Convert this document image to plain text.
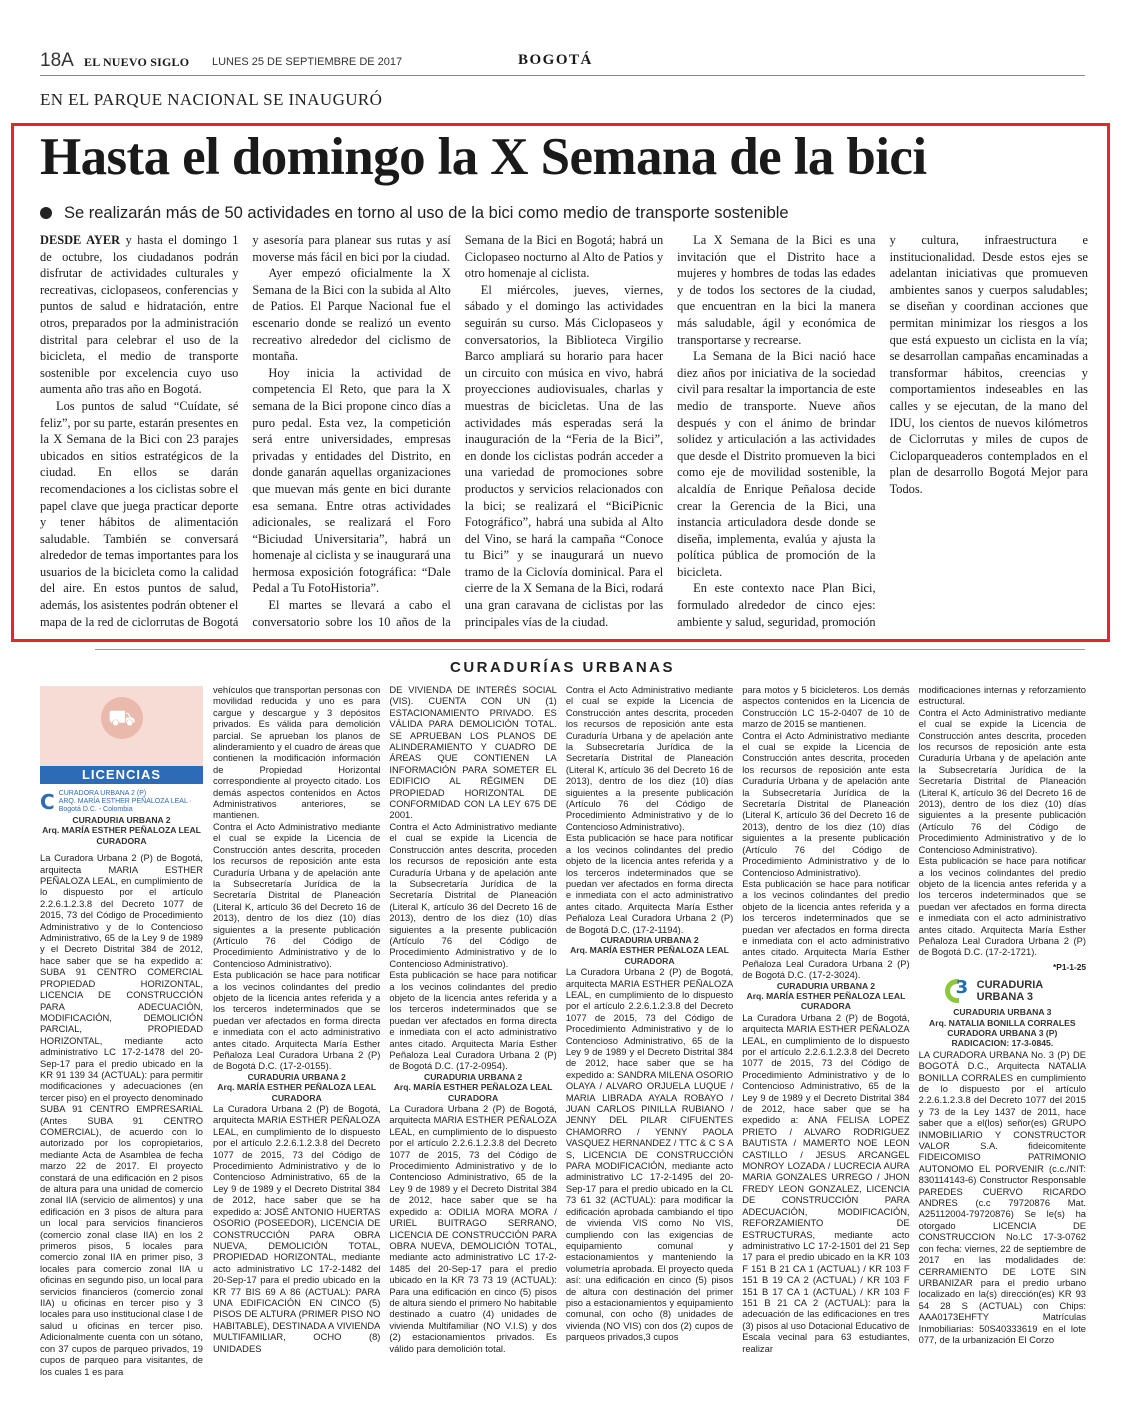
18A EL NUEVO SIGLO LUNES 25 DE SEPTIEMBRE DE 2017	BOGOTÁ
EN EL PARQUE NACIONAL SE INAUGURÓ
Hasta el domingo la X Semana de la bici
Se realizarán más de 50 actividades en torno al uso de la bici como medio de transporte sostenible

DESDE AYER y hasta el domingo 1 de octubre, los ciudadanos podrán disfrutar de actividades culturales y recreativas, ciclopaseos, conferencias y puntos de salud e hidratación, entre otros, preparados por la administración distrital para celebrar el uso de la bicicleta, el medio de transporte sostenible por excelencia cuyo uso aumenta año tras año en Bogotá.

Los puntos de salud “Cuídate, sé feliz”, por su parte, estarán presentes en la X Semana de la Bici con 23 parajes ubicados en sitios estratégicos de la ciudad. En ellos se darán recomendaciones a los ciclistas sobre el papel clave que juega practicar deporte y tener hábitos de alimentación saludable. También se conversará alrededor de temas importantes para los usuarios de la bicicleta como la calidad del aire. En estos puntos de salud, además, los asistentes podrán obtener el mapa de la red de ciclorrutas de Bogotá y asesoría para planear sus rutas y así moverse más fácil en bici por la ciudad.

Ayer empezó oficialmente la X Semana de la Bici con la subida al Alto de Patios. El Parque Nacional fue el escenario donde se realizó un evento recreativo alrededor del ciclismo de montaña.

Hoy inicia la actividad de competencia El Reto, que para la X semana de la Bici propone cinco días a puro pedal. Esta vez, la competición será entre universidades, empresas privadas y entidades del Distrito, en donde ganarán aquellas organizaciones que muevan más gente en bici durante esa semana. Entre otras actividades adicionales, se realizará el Foro “Biciudad Universitaria”, habrá un homenaje al ciclista y se inaugurará una hermosa exposición fotográfica: “Dale Pedal a Tu FotoHistoria”.

El martes se llevará a cabo el conversatorio sobre los 10 años de la Semana de la Bici en Bogotá; habrá un Ciclopaseo nocturno al Alto de Patios y otro homenaje al ciclista.

El miércoles, jueves, viernes, sábado y el domingo las actividades seguirán su curso. Más Ciclopaseos y conversatorios, la Biblioteca Virgilio Barco ampliará su horario para hacer un circuito con música en vivo, habrá proyecciones audiovisuales, charlas y muestras de bicicletas. Una de las actividades más esperadas será la inauguración de la “Feria de la Bici”, en donde los ciclistas podrán acceder a una variedad de promociones sobre productos y servicios relacionados con la bici; se realizará el “BiciPicnic Fotográfico”, habrá una subida al Alto del Vino, se hará la campaña “Conoce tu Bici” y se inaugurará un nuevo tramo de la Ciclovía dominical. Para el cierre de la X Semana de la Bici, rodará una gran caravana de ciclistas por las principales vías de la ciudad.

La X Semana de la Bici es una invitación que el Distrito hace a mujeres y hombres de todas las edades y de todos los sectores de la ciudad, que encuentran en la bici la manera más saludable, ágil y económica de transportarse y recrearse.

La Semana de la Bici nació hace diez años por iniciativa de la sociedad civil para resaltar la importancia de este medio de transporte. Nueve años después y con el ánimo de brindar solidez y articulación a las actividades que desde el Distrito promueven la bici como eje de movilidad sostenible, la alcaldía de Enrique Peñalosa decide crear la Gerencia de la Bici, una instancia articuladora desde donde se diseña, implementa, evalúa y ajusta la política pública de promoción de la bicicleta.

En este contexto nace Plan Bici, formulado alrededor de cinco ejes: ambiente y salud, seguridad, promoción y cultura, infraestructura e institucionalidad. Desde estos ejes se adelantan iniciativas que promueven ambientes sanos y cuerpos saludables; se diseñan y coordinan acciones que permitan minimizar los riesgos a los que está expuesto un ciclista en la vía; se desarrollan campañas encaminadas a transformar hábitos, creencias y comportamientos indeseables en las calles y se ejecutan, de la mano del IDU, los cientos de nuevos kilómetros de Ciclorrutas y miles de cupos de Cicloparqueaderos contemplados en el plan de desarrollo Bogotá Mejor para Todos.

CURADURÍAS URBANAS
⛟
LICENCIAS
C CURADORA URBANA 2 (P)
ARQ. MARÍA ESTHER PEÑALOZA LEAL · Bogotá D.C. - Colombia
CURADURIA URBANA 2
Arq. MARÍA ESTHER PEÑALOZA LEAL
CURADORA

La Curadora Urbana 2 (P) de Bogotá, arquitecta MARIA ESTHER PEÑALOZA LEAL, en cumplimiento de lo dispuesto por el artículo 2.2.6.1.2.3.8 del Decreto 1077 de 2015, 73 del Código de Procedimiento Administrativo y de lo Contencioso Administrativo, 65 de la Ley 9 de 1989 y el Decreto Distrital 384 de 2012, hace saber que se ha expedido a: SUBA 91 CENTRO COMERCIAL PROPIEDAD HORIZONTAL, LICENCIA DE CONSTRUCCIÓN PARA ADECUACIÓN, MODIFICACIÓN, DEMOLICIÓN PARCIAL, PROPIEDAD HORIZONTAL, mediante acto administrativo LC 17-2-1478 del 20-Sep-17 para el predio ubicado en la KR 91 139 34 (ACTUAL): para permitir modificaciones y adecuaciones (en tercer piso) en el proyecto denominado SUBA 91 CENTRO EMPRESARIAL (Antes SUBA 91 CENTRO COMERCIAL), de acuerdo con lo autorizado por los copropietarios, mediante Acta de Asamblea de fecha marzo 22 de 2017. El proyecto constará de una edificación en 2 pisos de altura para una unidad de comercio zonal IIA (servicio de alimentos) y una edificación en 3 pisos de altura para un local para servicios financieros (comercio zonal clase IIA) en los 2 primeros pisos, 5 locales para comercio zonal IIA en primer piso, 3 locales para comercio zonal IIA u oficinas en segundo piso, un local para servicios financieros (comercio zonal IIA) u oficinas en tercer piso y 3 locales para uso institucional clase I de salud u oficinas en tercer piso. Adicionalmente cuenta con un sótano, con 37 cupos de parqueo privados, 19 cupos de parqueo para visitantes, de los cuales 1 es para

vehículos que transportan personas con movilidad reducida y uno es para cargue y descargue y 3 depósitos privados. Es válida para demolición parcial. Se aprueban los planos de alinderamiento y el cuadro de áreas que contienen la modificación información de Propiedad Horizontal correspondiente al proyecto citado. Los demás aspectos contenidos en Actos Administrativos anteriores, se mantienen.

Contra el Acto Administrativo mediante el cual se expide la Licencia de Construcción antes descrita, proceden los recursos de reposición ante esta Curaduría Urbana y de apelación ante la Subsecretaría Jurídica de la Secretaría Distrital de Planeación (Literal K, artículo 36 del Decreto 16 de 2013), dentro de los diez (10) días siguientes a la presente publicación (Artículo 76 del Código de Procedimiento Administrativo y de lo Contencioso Administrativo).

Esta publicación se hace para notificar a los vecinos colindantes del predio objeto de la licencia antes referida y a los terceros indeterminados que se puedan ver afectados en forma directa e inmediata con el acto administrativo antes citado. Arquitecta María Esther Peñaloza Leal Curadora Urbana 2 (P) de Bogotá D.C. (17-2-0155).

CURADURIA URBANA 2
Arq. MARÍA ESTHER PEÑALOZA LEAL
CURADORA

La Curadora Urbana 2 (P) de Bogotá, arquitecta MARIA ESTHER PEÑALOZA LEAL, en cumplimiento de lo dispuesto por el artículo 2.2.6.1.2.3.8 del Decreto 1077 de 2015, 73 del Código de Procedimiento Administrativo y de lo Contencioso Administrativo, 65 de la Ley 9 de 1989 y el Decreto Distrital 384 de 2012, hace saber que se ha expedido a: JOSÉ ANTONIO HUERTAS OSORIO (POSEEDOR), LICENCIA DE CONSTRUCCIÓN PARA OBRA NUEVA, DEMOLICIÓN TOTAL, PROPIEDAD HORIZONTAL, mediante acto administrativo LC 17-2-1482 del 20-Sep-17 para el predio ubicado en la KR 77 BIS 69 A 86 (ACTUAL): PARA UNA EDIFICACIÓN EN CINCO (5) PISOS DE ALTURA (PRIMER PISO NO HABITABLE), DESTINADA A VIVIENDA MULTIFAMILIAR, OCHO (8) UNIDADES

DE VIVIENDA DE INTERÉS SOCIAL (VIS). CUENTA CON UN (1) ESTACIONAMIENTO PRIVADO. ES VÁLIDA PARA DEMOLICIÓN TOTAL. SE APRUEBAN LOS PLANOS DE ALINDERAMIENTO Y CUADRO DE ÁREAS QUE CONTIENEN LA INFORMACIÓN PARA SOMETER EL EDIFICIO AL RÉGIMEN DE PROPIEDAD HORIZONTAL DE CONFORMIDAD CON LA LEY 675 DE 2001.

Contra el Acto Administrativo mediante el cual se expide la Licencia de Construcción antes descrita, proceden los recursos de reposición ante esta Curaduría Urbana y de apelación ante la Subsecretaría Jurídica de la Secretaría Distrital de Planeación (Literal K, artículo 36 del Decreto 16 de 2013), dentro de los diez (10) días siguientes a la presente publicación (Artículo 76 del Código de Procedimiento Administrativo y de lo Contencioso Administrativo).

Esta publicación se hace para notificar a los vecinos colindantes del predio objeto de la licencia antes referida y a los terceros indeterminados que se puedan ver afectados en forma directa e inmediata con el acto administrativo antes citado. Arquitecta María Esther Peñaloza Leal Curadora Urbana 2 (P) de Bogotá D.C. (17-2-0954).

CURADURIA URBANA 2
Arq. MARÍA ESTHER PEÑALOZA LEAL
CURADORA

La Curadora Urbana 2 (P) de Bogotá, arquitecta MARIA ESTHER PEÑALOZA LEAL, en cumplimiento de lo dispuesto por el artículo 2.2.6.1.2.3.8 del Decreto 1077 de 2015, 73 del Código de Procedimiento Administrativo y de lo Contencioso Administrativo, 65 de la Ley 9 de 1989 y el Decreto Distrital 384 de 2012, hace saber que se ha expedido a: ODILIA MORA MORA / URIEL BUITRAGO SERRANO, LICENCIA DE CONSTRUCCIÓN PARA OBRA NUEVA, DEMOLICIÓN TOTAL, mediante acto administrativo LC 17-2-1485 del 20-Sep-17 para el predio ubicado en la KR 73 73 19 (ACTUAL): Para una edificación en cinco (5) pisos de altura siendo el primero No habitable destinado a cuatro (4) unidades de vivienda Multifamiliar (NO V.I.S) y dos (2) estacionamientos privados. Es válido para demolición total.

Contra el Acto Administrativo mediante el cual se expide la Licencia de Construcción antes descrita, proceden los recursos de reposición ante esta Curaduría Urbana y de apelación ante la Subsecretaría Jurídica de la Secretaría Distrital de Planeación (Literal K, artículo 36 del Decreto 16 de 2013), dentro de los diez (10) días siguientes a la presente publicación (Artículo 76 del Código de Procedimiento Administrativo y de lo Contencioso Administrativo).

Esta publicación se hace para notificar a los vecinos colindantes del predio objeto de la licencia antes referida y a los terceros indeterminados que se puedan ver afectados en forma directa e inmediata con el acto administrativo antes citado. Arquitecta María Esther Peñaloza Leal Curadora Urbana 2 (P) de Bogotá D.C. (17-2-1194).

CURADURIA URBANA 2
Arq. MARÍA ESTHER PEÑALOZA LEAL
CURADORA

La Curadora Urbana 2 (P) de Bogotá, arquitecta MARIA ESTHER PEÑALOZA LEAL, en cumplimiento de lo dispuesto por el artículo 2.2.6.1.2.3.8 del Decreto 1077 de 2015, 73 del Código de Procedimiento Administrativo y de lo Contencioso Administrativo, 65 de la Ley 9 de 1989 y el Decreto Distrital 384 de 2012, hace saber que se ha expedido a: SANDRA MILENA OSORIO OLAYA / ALVARO ORJUELA LUQUE / MARIA LIBRADA AYALA ROBAYO / JUAN CARLOS PINILLA RUBIANO / JENNY DEL PILAR CIFUENTES CHAMORRO / YENNY PAOLA VASQUEZ HERNANDEZ / TTC & C S A S, LICENCIA DE CONSTRUCCIÓN PARA MODIFICACIÓN, mediante acto administrativo LC 17-2-1495 del 20-Sep-17 para el predio ubicado en la CL 73 61 32 (ACTUAL): para modificar la edificación aprobada cambiando el tipo de vivienda VIS como No VIS, cumpliendo con las exigencias de equipamiento comunal y estacionamientos y manteniendo la volumetría aprobada. El proyecto queda así: una edificación en cinco (5) pisos de altura con destinación del primer piso a estacionamientos y equipamiento comunal, con ocho (8) unidades de vivienda (NO VIS) con dos (2) cupos de parqueos privados,3 cupos

para motos y 5 bicicleteros. Los demás aspectos contenidos en la Licencia de Construcción LC 15-2-0407 de 10 de marzo de 2015 se mantienen.

Contra el Acto Administrativo mediante el cual se expide la Licencia de Construcción antes descrita, proceden los recursos de reposición ante esta Curaduría Urbana y de apelación ante la Subsecretaría Jurídica de la Secretaría Distrital de Planeación (Literal K, artículo 36 del Decreto 16 de 2013), dentro de los diez (10) días siguientes a la presente publicación (Artículo 76 del Código de Procedimiento Administrativo y de lo Contencioso Administrativo).

Esta publicación se hace para notificar a los vecinos colindantes del predio objeto de la licencia antes referida y a los terceros indeterminados que se puedan ver afectados en forma directa e inmediata con el acto administrativo antes citado. Arquitecta María Esther Peñaloza Leal Curadora Urbana 2 (P) de Bogotá D.C. (17-2-3024).

CURADURIA URBANA 2
Arq. MARÍA ESTHER PEÑALOZA LEAL
CURADORA

La Curadora Urbana 2 (P) de Bogotá, arquitecta MARIA ESTHER PEÑALOZA LEAL, en cumplimiento de lo dispuesto por el artículo 2.2.6.1.2.3.8 del Decreto 1077 de 2015, 73 del Código de Procedimiento Administrativo y de lo Contencioso Administrativo, 65 de la Ley 9 de 1989 y el Decreto Distrital 384 de 2012, hace saber que se ha expedido a: ANA FELISA LOPEZ PRIETO / ALVARO RODRIGUEZ BAUTISTA / MAMERTO NOE LEON CASTILLO / JESUS ARCANGEL MONROY LOZADA / LUCRECIA AURA MARIA GONZALES URREGO / JHON FREDY LEON GONZALEZ, LICENCIA DE CONSTRUCCIÓN PARA ADECUACIÓN, MODIFICACIÓN, REFORZAMIENTO DE ESTRUCTURAS, mediante acto administrativo LC 17-2-1501 del 21 Sep 17 para el predio ubicado en la KR 103 F 151 B 21 CA 1 (ACTUAL) / KR 103 F 151 B 19 CA 2 (ACTUAL) / KR 103 F 151 B 17 CA 1 (ACTUAL) / KR 103 F 151 B 21 CA 2 (ACTUAL): para la adecuación de las edificaciones en tres (3) pisos al uso Dotacional Educativo de Escala vecinal para 63 estudiantes, realizar

modificaciones internas y reforzamiento estructural.

Contra el Acto Administrativo mediante el cual se expide la Licencia de Construcción antes descrita, proceden los recursos de reposición ante esta Curaduría Urbana y de apelación ante la Subsecretaría Jurídica de la Secretaría Distrital de Planeación (Literal K, artículo 36 del Decreto 16 de 2013), dentro de los diez (10) días siguientes a la presente publicación (Artículo 76 del Código de Procedimiento Administrativo y de lo Contencioso Administrativo).

Esta publicación se hace para notificar a los vecinos colindantes del predio objeto de la licencia antes referida y a los terceros indeterminados que se puedan ver afectados en forma directa e inmediata con el acto administrativo antes citado. Arquitecta María Esther Peñaloza Leal Curadora Urbana 2 (P) de Bogotá D.C. (17-2-1721).

*P1-1-25
3 CURADURIA
URBANA 3
CURADURIA URBANA 3
Arq. NATALIA BONILLA CORRALES
CURADORA URBANA 3 (P)
RADICACION: 17-3-0845.

LA CURADORA URBANA No. 3 (P) DE BOGOTÁ D.C., Arquitecta NATALIA BONILLA CORRALES en cumplimiento de lo dispuesto por el artículo 2.2.6.1.2.3.8 del Decreto 1077 del 2015 y 73 de la Ley 1437 de 2011, hace saber que a el(los) señor(es) GRUPO INMOBILIARIO Y CONSTRUCTOR VALOR S.A. fideicomitente FIDEICOMISO PATRIMONIO AUTONOMO EL PORVENIR (c.c./NIT: 830114143-6) Constructor Responsable PAREDES CUERVO RICARDO ANDRES (c.c 79720876 Mat. A25112004-79720876) Se le(s) ha otorgado LICENCIA DE CONSTRUCCION No.LC 17-3-0762 con fecha: viernes, 22 de septiembre de 2017 en las modalidades de: CERRAMIENTO DE LOTE SIN URBANIZAR para el predio urbano localizado en la(s) dirección(es) KR 93 54 28 S (ACTUAL) con Chips: AAA0173EHFTY Matrículas Inmobiliarias: 50S40333619 en el lote 077, de la urbanización El Corzo
